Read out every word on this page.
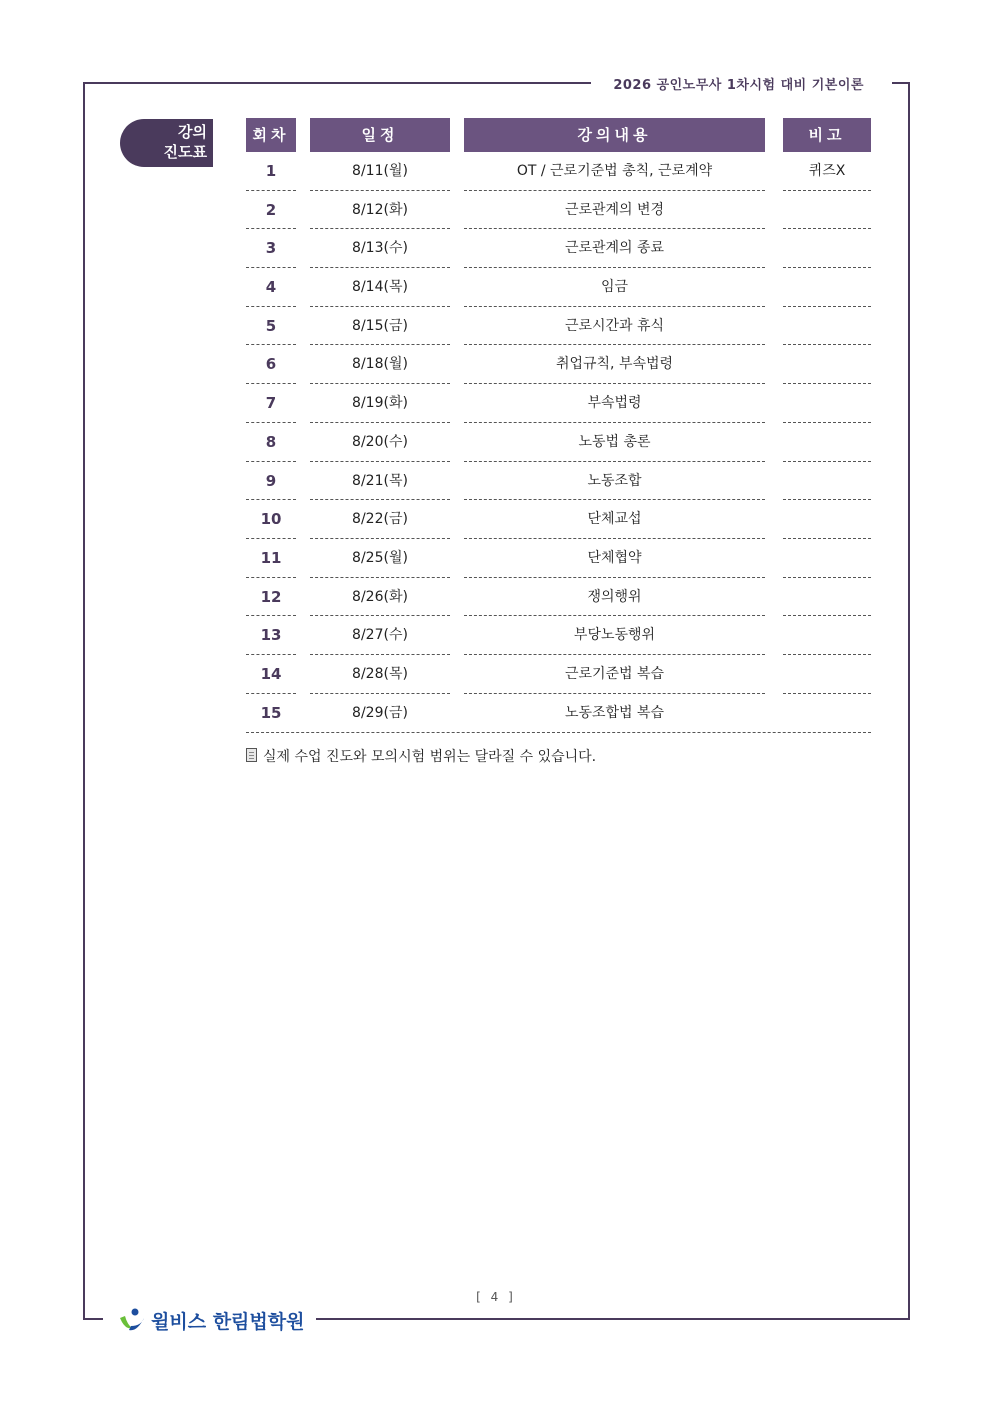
2026 공인노무사 1차시험 대비 기본이론
강의
진도표
회차	일정	강의내용	비고
1	8/11(월)	OT / 근로기준법 총칙, 근로계약	퀴즈X
2	8/12(화)	근로관계의 변경
3	8/13(수)	근로관계의 종료
4	8/14(목)	임금
5	8/15(금)	근로시간과 휴식
6	8/18(월)	취업규칙, 부속법령
7	8/19(화)	부속법령
8	8/20(수)	노동법 총론
9	8/21(목)	노동조합
10	8/22(금)	단체교섭
11	8/25(월)	단체협약
12	8/26(화)	쟁의행위
13	8/27(수)	부당노동행위
14	8/28(목)	근로기준법 복습
15	8/29(금)	노동조합법 복습
실제 수업 진도와 모의시험 범위는 달라질 수 있습니다.
[ 4 ]
윌비스 한림법학원
